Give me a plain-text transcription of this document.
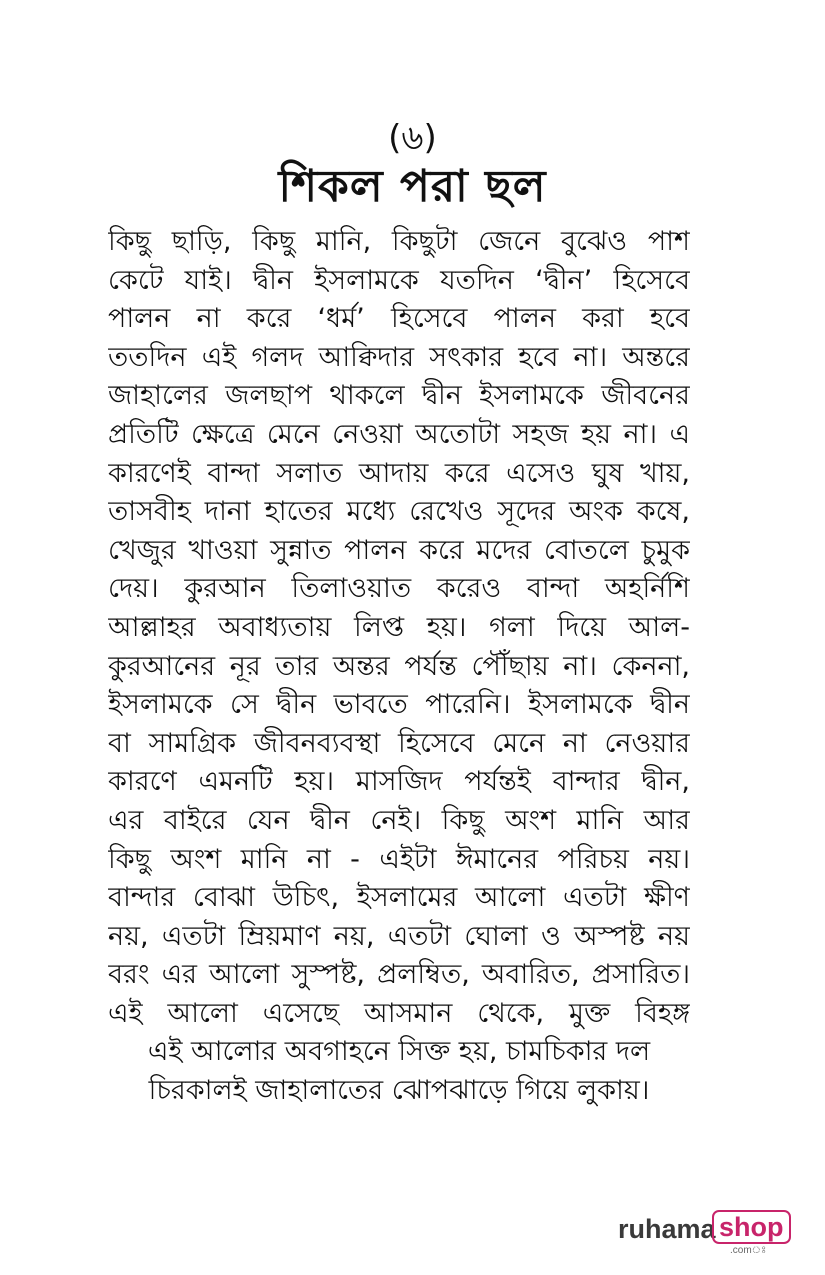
(৬)
শিকল পরা ছল
কিছু ছাড়ি, কিছু মানি, কিছুটা জেনে বুঝেও পাশ
কেটে যাই। দ্বীন ইসলামকে যতদিন ‘দ্বীন’ হিসেবে
পালন না করে ‘ধর্ম’ হিসেবে পালন করা হবে
ততদিন এই গলদ আক্বিদার সৎকার হবে না। অন্তরে
জাহালের জলছাপ থাকলে দ্বীন ইসলামকে জীবনের
প্রতিটি ক্ষেত্রে মেনে নেওয়া অতোটা সহজ হয় না। এ
কারণেই বান্দা সলাত আদায় করে এসেও ঘুষ খায়,
তাসবীহ দানা হাতের মধ্যে রেখেও সূদের অংক কষে,
খেজুর খাওয়া সুন্নাত পালন করে মদের বোতলে চুমুক
দেয়। কুরআন তিলাওয়াত করেও বান্দা অহর্নিশি
আল্লাহর অবাধ্যতায় লিপ্ত হয়। গলা দিয়ে আল-
কুরআনের নূর তার অন্তর পর্যন্ত পৌঁছায় না। কেননা,
ইসলামকে সে দ্বীন ভাবতে পারেনি। ইসলামকে দ্বীন
বা সামগ্রিক জীবনব্যবস্থা হিসেবে মেনে না নেওয়ার
কারণে এমনটি হয়। মাসজিদ পর্যন্তই বান্দার দ্বীন,
এর বাইরে যেন দ্বীন নেই। কিছু অংশ মানি আর
কিছু অংশ মানি না - এইটা ঈমানের পরিচয় নয়।
বান্দার বোঝা উচিৎ, ইসলামের আলো এতটা ক্ষীণ
নয়, এতটা ম্রিয়মাণ নয়, এতটা ঘোলা ও অস্পষ্ট নয়
বরং এর আলো সুস্পষ্ট, প্রলম্বিত, অবারিত, প্রসারিত।
এই আলো এসেছে আসমান থেকে, মুক্ত বিহঙ্গ
এই আলোর অবগাহনে সিক্ত হয়, চামচিকার দল
চিরকালই জাহালাতের ঝোপঝাড়ে গিয়ে লুকায়।
ruhama shop
.comঃ
